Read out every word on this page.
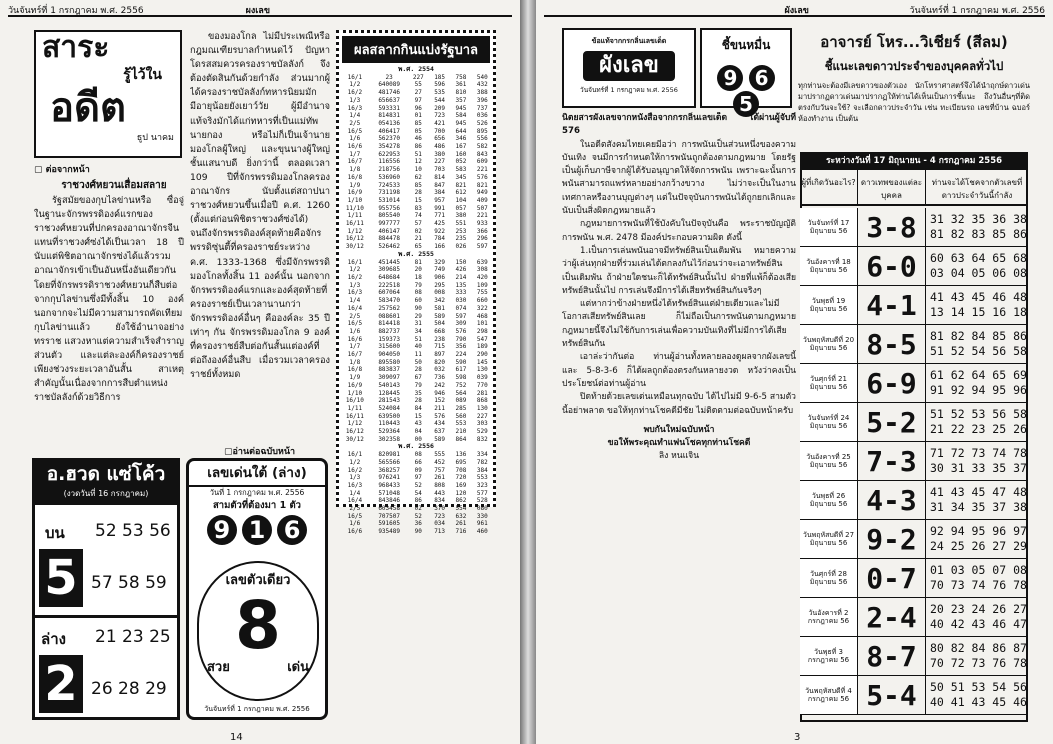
วันจันทร์ที่ 1 กรกฎาคม พ.ศ. 2556	ผงเลข
สาระ
รู้ไว้ใน
อดีต
ธูป นาคม
▢ ต่อจากหน้า
ราชวงศ์หยวนเสื่อมสลาย

รัฐสมัยของกุบไลข่านหรือ ซื่อจู่ ในฐานะจักรพรรดิองค์แรกของราชวงศ์หยวนที่ปกครองอาณาจักรจีนแทนที่ราชวงศ์ซ่งได้เป็นเวลา 18 ปี นับแต่พิชิตอาณาจักรซ่งได้แล้วรวมอาณาจักรเข้าเป็นอันหนึ่งอันเดียวกัน โดยที่จักรพรรดิราชวงศ์หยวนก็สืบต่อจากกุบไลข่านซึ่งมีทั้งสิ้น 10 องค์ นอกจากจะไม่มีความสามารถคัดเทียมกุบไลข่านแล้ว ยังใช้อำนาจอย่างทรราช แสวงหาแต่ความสำเร็จสำราญส่วนตัว และแต่ละองค์ก็ครองราชย์เพียงช่วงระยะเวลาอันสั้น สาเหตุสำคัญนั้นเนื่องจากการสืบตำแหน่งราชบัลลังก์ด้วยวิธีการ

ของมองโกล ไม่มีประเพณีหรือกฎมณเฑียรบาลกำหนดไว้ ปัญหาโดรสสมควรครองราชบัลลังก์ จึงต้องตัดสินกันด้วยกำลัง ส่วนมากผู้ได้ครองราชบัลลังก์ทหารนิยมมักมีอายุน้อยยังเยาว์วัย ผู้มีอำนาจแท้จริงมักได้แก่ทหารที่เป็นแม่ทัพนายกอง หรือไม่ก็เป็นเจ้านายมองโกลผู้ใหญ่ และขุนนางผู้ใหญ่ชั้นแสนาบดี ยิ่งกว่านี้ ตลอดเวลา 109 ปีที่จักรพรรดิมองโกลครองอาณาจักร นับตั้งแต่สถาปนาราชวงศ์หยวนขึ้นเมื่อปี ค.ศ. 1260 (ตั้งแต่ก่อนพิชิตราชวงศ์ซ่งได้) จนถึงจักรพรรดิองค์สุดท้ายคือจักรพรรดิซุ่นตี้ที่ครองราชย์ระหว่าง ค.ศ. 1333-1368 ซึ่งมีจักรพรรดิมองโกลทั้งสิ้น 11 องค์นั้น นอกจากจักรพรรดิองค์แรกและองค์สุดท้ายที่ครองราชย์เป็นเวลานานกว่าจักรพรรดิองค์อื่นๆ คือองค์ละ 35 ปีเท่าๆ กัน จักรพรรดิมองโกล 9 องค์ที่ครองราชย์สืบต่อกันสั้นแต่องค์ที่ต่อถึงองค์อื่นสืบ เมื่อรวมเวลาครองราชย์ทั้งหมด

▢อ่านต่อฉบับหน้า
อ.ฮวด แซ่โค้ว
(งวดวันที่ 16 กรกฎาคม)
บน 52 53 56
5 57 58 59
ล่าง 21 23 25
2 26 28 29
เลขเด่นใต้ (ล่าง)
วันที่ 1 กรกฎาคม พ.ศ. 2556
สามตัวที่ต้องมา 1 ตัว
9 1 6
เลขตัวเดียว
8
สวย	เด่น
วันจันทร์ที่ 1 กรกฎาคม พ.ศ. 2556
ผลสลากกินแบ่งรัฐบาล
พ.ศ. 2554					
16/1	23	227	185	758	540
1/2	640089	55	596	361	432
16/2	481746	27	535	810	388
1/3	656637	97	544	357	396
16/3	593331	96	209	945	737
1/4	814831	01	723	584	036
2/5	054136	85	421	945	526
16/5	406417	05	700	644	895
1/6	562370	46	656	346	556
16/6	354278	86	486	167	582
1/7	622953	51	380	160	843
16/7	116556	12	227	052	609
1/8	218756	10	703	583	221
16/8	536960	62	814	345	576
1/9	724533	85	847	821	821
16/9	731198	28	384	612	949
1/10	531014	15	957	104	409
11/10	955756	83	991	057	507
1/11	805540	74	771	380	221
16/11	997777	57	425	551	933
1/12	406147	02	922	253	366
16/12	884478	21	784	235	296
30/12	526462	65	166	026	597
พ.ศ. 2555					
16/1	451445	81	329	150	639
1/2	309685	20	749	426	308
16/2	648684	18	906	214	420
1/3	222518	79	295	135	109
16/3	607064	08	008	333	755
1/4	583470	60	342	030	660
16/4	257562	90	581	074	322
2/5	088601	29	589	597	468
16/5	814418	31	504	309	101
1/6	882737	34	668	576	298
16/6	159373	51	238	790	547
1/7	315600	40	715	356	189
16/7	904050	11	897	224	290
1/8	895580	50	820	590	145
16/8	883837	28	032	617	130
1/9	309097	67	736	598	039
16/9	540143	79	242	752	770
1/10	128445	35	946	564	281
16/10	281543	28	152	089	868
1/11	524084	84	211	285	130
16/11	639500	15	576	560	227
1/12	110443	43	434	553	303
16/12	529364	04	637	210	529
30/12	302358	00	589	864	832
พ.ศ. 2556					
16/1	820981	08	555	136	334
1/2	565566	66	452	695	782
16/2	368257	09	757	708	384
1/3	976241	97	261	720	553
16/3	968433	52	808	169	323
1/4	571048	54	443	120	577
16/4	843846	86	834	862	528
2/5	603458	02	370	554	080
16/5	707507	52	723	632	330
1/6	591605	36	034	261	961
16/6	935489	90	713	716	460
14
ผังเลข	วันจันทร์ที่ 1 กรกฎาคม พ.ศ. 2556
ข้อแท้จากกรกลิ่นเลขเด็ด
ผังเลข
วันจันทร์ที่ 1 กรกฎาคม พ.ศ. 2556
ชี้ขนหมื่น
9 6 5
อาจารย์ โหร...วิเชียร์ (สีลม)
ชี้แนะเลขดาวประจำของบุคคลทั่วไป
ทุกท่านจะต้องมีเลขดาวของตัวเอง นักโหราศาสตร์จึงได้นำฤกษ์ดาวเด่นมาปรากฏดาวเด่นมาปรากฏให้ท่านได้เห็นเป็นการชี้แนะ ถึงวันอื่นๆที่ติดตรงกับวันจะใช้? จะเลือกดาวประจำวัน เช่น ทะเบียนรถ เลขที่บ้าน ฉบอร์ห้องทำงาน เป็นต้น
นิตยสารผังเลขจากหนังสือจากกรกลิ่นเลขเด็ด ได้ผ่านผู้จับที่ 576

ในอดีตสังคมไทยเคยมีอว่า การพนันเป็นส่วนหนึ่งของความบันเทิง จนมีการกำหนดให้การพนันถูกต้องตามกฎหมาย โดยรัฐเป็นผู้เก็บภาษีจากผู้ได้รับอนุญาตให้จัดการพนัน เพราะฉะนั้นการพนันสามารถแพร่หลายอย่างกว้างขวาง ไม่ว่าจะเป็นในงานเทศกาลหรืองานบุญต่างๆ แต่ในปัจจุบันการพนันได้ถูกยกเลิกและนับเป็นสิ่งผิดกฎหมายแล้ว

กฎหมายการพนันที่ใช้บังคับในปัจจุบันคือ พระราชบัญญัติการพนัน พ.ศ. 2478 มีองค์ประกอบความผิด ดังนี้

1.เป็นการเล่นพนันอาจมีทรัพย์สินเป็นเดิมพัน หมายความว่าผู้เล่นทุกฝ่ายที่ร่วมเล่นได้ตกลงกันไว้ก่อนว่าจะเอาทรัพย์สินเป็นเดิมพัน ถ้าฝ่ายใดชนะก็ได้ทรัพย์สินนั้นไป ฝ่ายที่แพ้ก็ต้องเสียทรัพย์สินนั้นไป การเล่นจึงมีการได้เสียทรัพย์สินกันจริงๆ

แต่หากว่าข้างฝ่ายหนึ่งได้ทรัพย์สินแต่ฝ่ายเดียวและไม่มีโอกาสเสียทรัพย์สินเลย ก็ไม่ถือเป็นการพนันตามกฎหมาย กฎหมายนี้จึงไม่ใช้กับการเล่นเพื่อความบันเทิงที่ไม่มีการได้เสียทรัพย์สินกัน

เอาล่ะว่ากันต่อ ท่านผู้อ่านทั้งหลายลองดูผลจากผังเลขนี้ และ 5-8-3-6 ก็ได้ผลถูกต้องตรงกันหลายงวด หวังว่าคงเป็นประโยชน์ต่อท่านผู้อ่าน

ปิดท้ายด้วยเลขเด่นเหมือนทุกฉบับ ได้ไปไม่มี 9-6-5 สามตัวนี้อย่าพลาด ขอให้ทุกท่านโชคดีมีชัย ไม่ติดตามต่อฉบับหน้าครับ

พบกันใหม่ฉบับหน้า
ขอให้พระคุณทำแฟนโชคทุกท่านโชคดี
ลิง หนแจิน
3
ระหว่างวันที่ 17 มิถุนายน - 4 กรกฎาคม 2556
ผู้ที่เกิดวันอะไร? ดาวเทพของแต่ละบุคคล
ท่านจะได้โชคจากตัวเลขที่ดาวประจำวันนี้กำลัง
วันจันทร์ที่ 17 มิถุนายน 56 3-8	31 32 35 36 38
81 82 83 85 86
วันอังคารที่ 18 มิถุนายน 56 6-0	60 63 64 65 68
03 04 05 06 08
วันพุธที่ 19 มิถุนายน 56 4-1	41 43 45 46 48
13 14 15 16 18
วันพฤหัสบดีที่ 20 มิถุนายน 56 8-5	81 82 84 85 86
51 52 54 56 58
วันศุกร์ที่ 21 มิถุนายน 56 6-9	61 62 64 65 69
91 92 94 95 96
วันจันทร์ที่ 24 มิถุนายน 56 5-2	51 52 53 56 58
21 22 23 25 26
วันอังคารที่ 25 มิถุนายน 56 7-3	71 72 73 74 78
30 31 33 35 37
วันพุธที่ 26 มิถุนายน 56 4-3	41 43 45 47 48
31 34 35 37 38
วันพฤหัสบดีที่ 27 มิถุนายน 56 9-2	92 94 95 96 97
24 25 26 27 29
วันศุกร์ที่ 28 มิถุนายน 56 0-7	01 03 05 07 08
70 73 74 76 78
วันอังคารที่ 2 กรกฎาคม 56 2-4	20 23 24 26 27
40 42 43 46 47
วันพุธที่ 3 กรกฎาคม 56 8-7	80 82 84 86 87
70 72 73 76 78
วันพฤหัสบดีที่ 4 กรกฎาคม 56 5-4	50 51 53 54 56
40 41 43 45 46
